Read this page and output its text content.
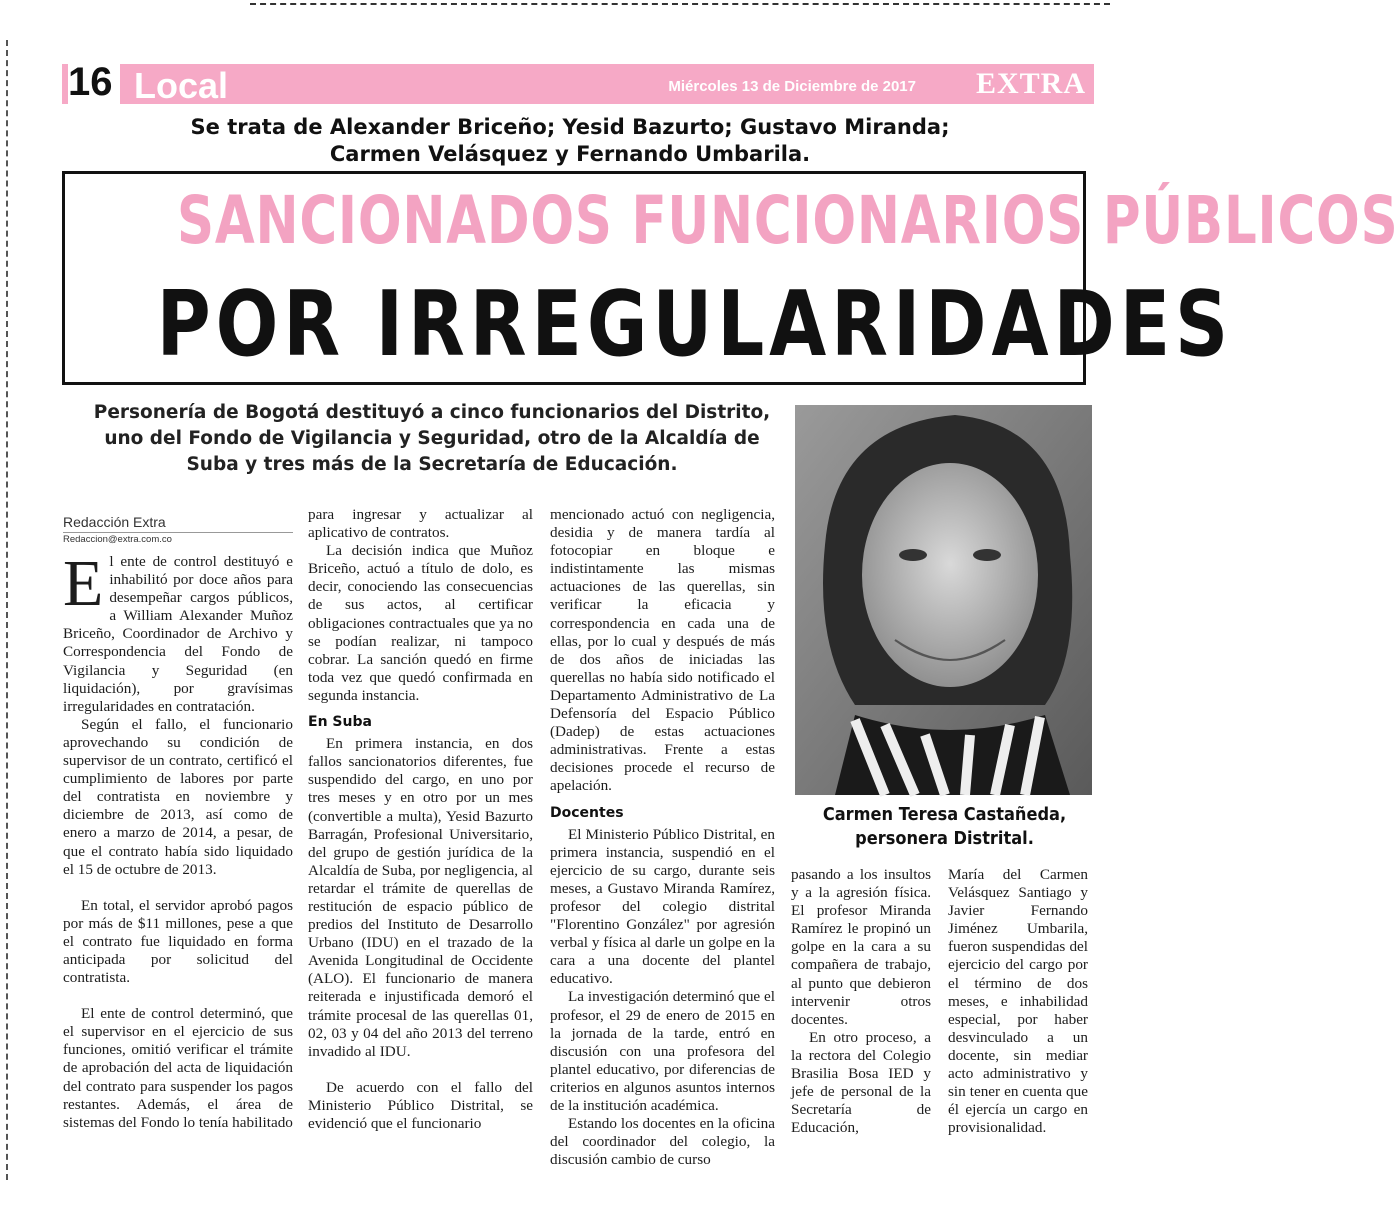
16 Local	Miércoles 13 de Diciembre de 2017 EXTRA
Se trata de Alexander Briceño; Yesid Bazurto; Gustavo Miranda;
Carmen Velásquez y Fernando Umbarila.
SANCIONADOS FUNCIONARIOS PÚBLICOS
POR IRREGULARIDADES
Personería de Bogotá destituyó a cinco funcionarios del Distrito, uno del Fondo de Vigilancia y Seguridad, otro de la Alcaldía de Suba y tres más de la Secretaría de Educación.
Carmen Teresa Castañeda,
personera Distrital.
Redacción Extra
Redaccion@extra.com.co

El ente de control destituyó e inhabilitó por doce años para desempeñar cargos públicos, a William Alexander Muñoz Briceño, Coordinador de Archivo y Correspondencia del Fondo de Vigilancia y Seguridad (en liquidación), por gravísimas irregularidades en contratación.

Según el fallo, el funcionario aprovechando su condición de supervisor de un contrato, certificó el cumplimiento de labores por parte del contratista en noviembre y diciembre de 2013, así como de enero a marzo de 2014, a pesar, de que el contrato había sido liquidado el 15 de octubre de 2013.

En total, el servidor aprobó pagos por más de $11 millones, pese a que el contrato fue liquidado en forma anticipada por solicitud del contratista.

El ente de control determinó, que el supervisor en el ejercicio de sus funciones, omitió verificar el trámite de aprobación del acta de liquidación del contrato para suspender los pagos restantes. Además, el área de sistemas del Fondo lo tenía habilitado

para ingresar y actualizar al aplicativo de contratos.

La decisión indica que Muñoz Briceño, actuó a título de dolo, es decir, conociendo las consecuencias de sus actos, al certificar obligaciones contractuales que ya no se podían realizar, ni tampoco cobrar. La sanción quedó en firme toda vez que quedó confirmada en segunda instancia.

En Suba

En primera instancia, en dos fallos sancionatorios diferentes, fue suspendido del cargo, en uno por tres meses y en otro por un mes (convertible a multa), Yesid Bazurto Barragán, Profesional Universitario, del grupo de gestión jurídica de la Alcaldía de Suba, por negligencia, al retardar el trámite de querellas de restitución de espacio público de predios del Instituto de Desarrollo Urbano (IDU) en el trazado de la Avenida Longitudinal de Occidente (ALO). El funcionario de manera reiterada e injustificada demoró el trámite procesal de las querellas 01, 02, 03 y 04 del año 2013 del terreno invadido al IDU.

De acuerdo con el fallo del Ministerio Público Distrital, se evidenció que el funcionario

mencionado actuó con negligencia, desidia y de manera tardía al fotocopiar en bloque e indistintamente las mismas actuaciones de las querellas, sin verificar la eficacia y correspondencia en cada una de ellas, por lo cual y después de más de dos años de iniciadas las querellas no había sido notificado el Departamento Administrativo de La Defensoría del Espacio Público (Dadep) de estas actuaciones administrativas. Frente a estas decisiones procede el recurso de apelación.

Docentes

El Ministerio Público Distrital, en primera instancia, suspendió en el ejercicio de su cargo, durante seis meses, a Gustavo Miranda Ramírez, profesor del colegio distrital "Florentino González" por agresión verbal y física al darle un golpe en la cara a una docente del plantel educativo.

La investigación determinó que el profesor, el 29 de enero de 2015 en la jornada de la tarde, entró en discusión con una profesora del plantel educativo, por diferencias de criterios en algunos asuntos internos de la institución académica.

Estando los docentes en la oficina del coordinador del colegio, la discusión cambio de curso

pasando a los insultos y a la agresión física. El profesor Miranda Ramírez le propinó un golpe en la cara a su compañera de trabajo, al punto que debieron intervenir otros docentes.

En otro proceso, a la rectora del Colegio Brasilia Bosa IED y jefe de personal de la Secretaría de Educación,

María del Carmen Velásquez Santiago y Javier Fernando Jiménez Umbarila, fueron suspendidas del ejercicio del cargo por el término de dos meses, e inhabilidad especial, por haber desvinculado a un docente, sin mediar acto administrativo y sin tener en cuenta que él ejercía un cargo en provisionalidad.
